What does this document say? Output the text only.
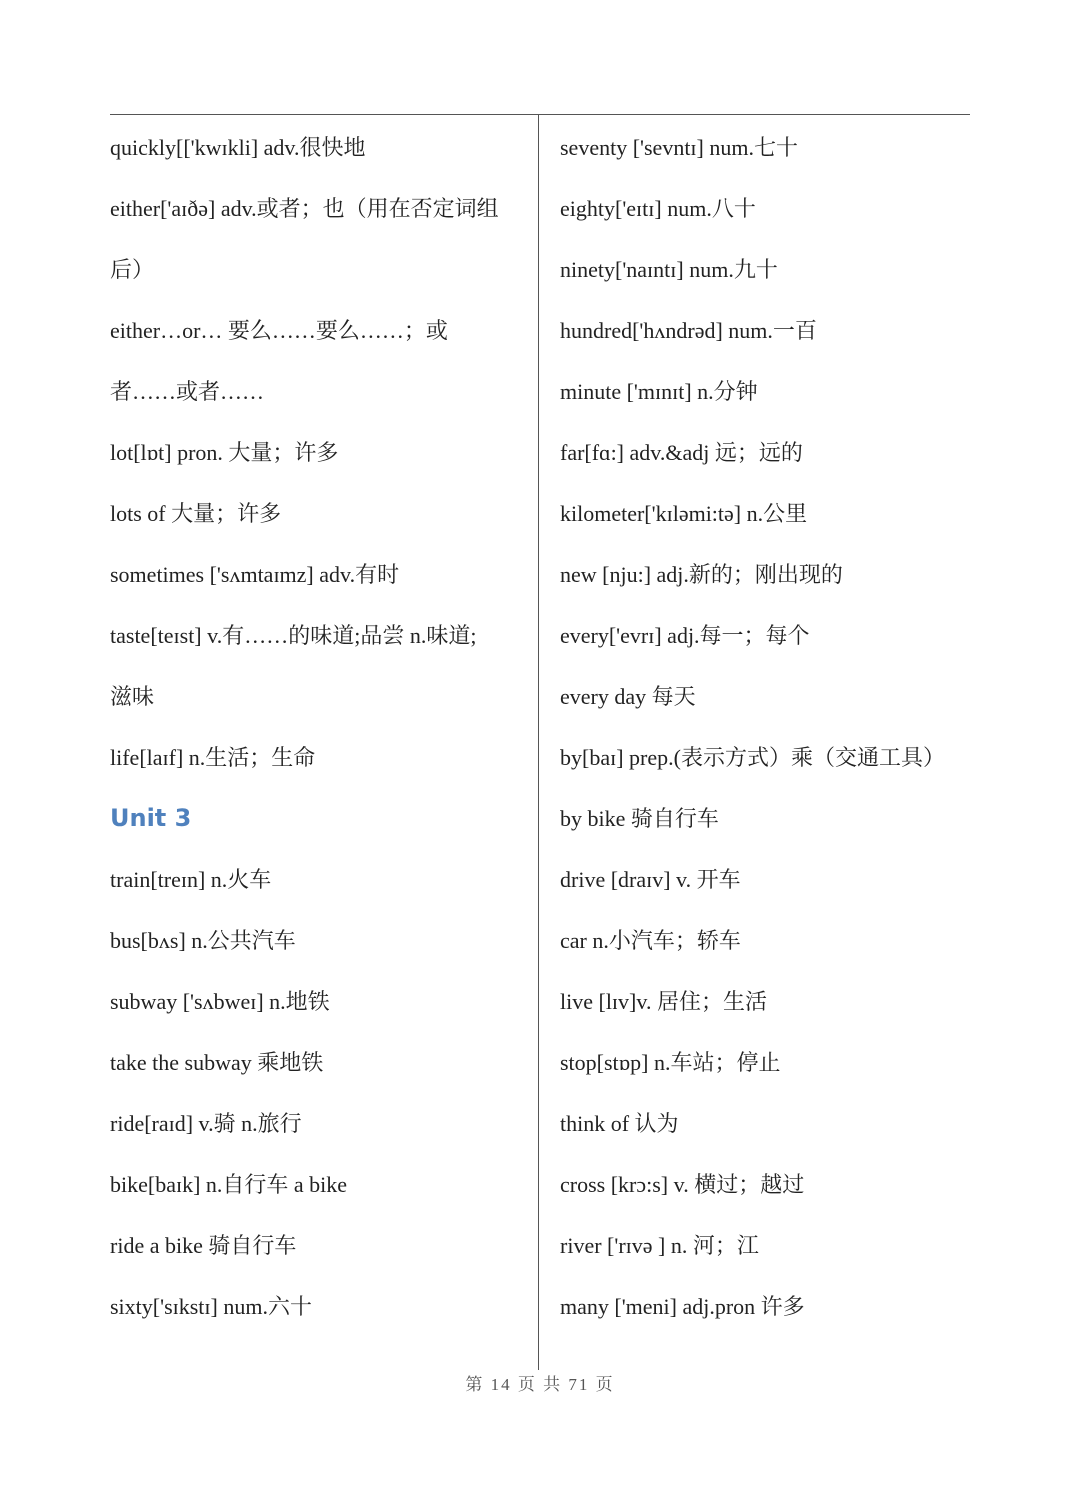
quickly[['kwɪkli] adv.很快地
either['aɪðə] adv.或者；也（用在否定词组
后）
either…or… 要么……要么……；或
者……或者……
lot[lɒt] pron. 大量；许多
lots of 大量；许多
sometimes ['sʌmtaɪmz] adv.有时
taste[teɪst] v.有……的味道;品尝 n.味道;
滋味
life[laɪf] n.生活；生命
Unit 3
train[treɪn] n.火车
bus[bʌs] n.公共汽车
subway ['sʌbweɪ] n.地铁
take the subway 乘地铁
ride[raɪd] v.骑 n.旅行
bike[baɪk] n.自行车 a bike
ride a bike 骑自行车
sixty['sɪkstɪ] num.六十
seventy ['sevntɪ] num.七十
eighty['eɪtɪ] num.八十
ninety['naɪntɪ] num.九十
hundred['hʌndrəd] num.一百
minute ['mɪnɪt] n.分钟
far[fɑ:] adv.&adj 远；远的
kilometer['kɪləmi:tə] n.公里
new [nju:] adj.新的；刚出现的
every['evrɪ] adj.每一；每个
every day 每天
by[baɪ] prep.(表示方式）乘（交通工具）
by bike 骑自行车
drive [draɪv] v. 开车
car n.小汽车；轿车
live [lɪv]v. 居住；生活
stop[stɒp] n.车站；停止
think of 认为
cross [krɔ:s] v. 横过；越过
river ['rɪvə ] n. 河；江
many ['meni] adj.pron 许多
第 14 页 共 71 页
